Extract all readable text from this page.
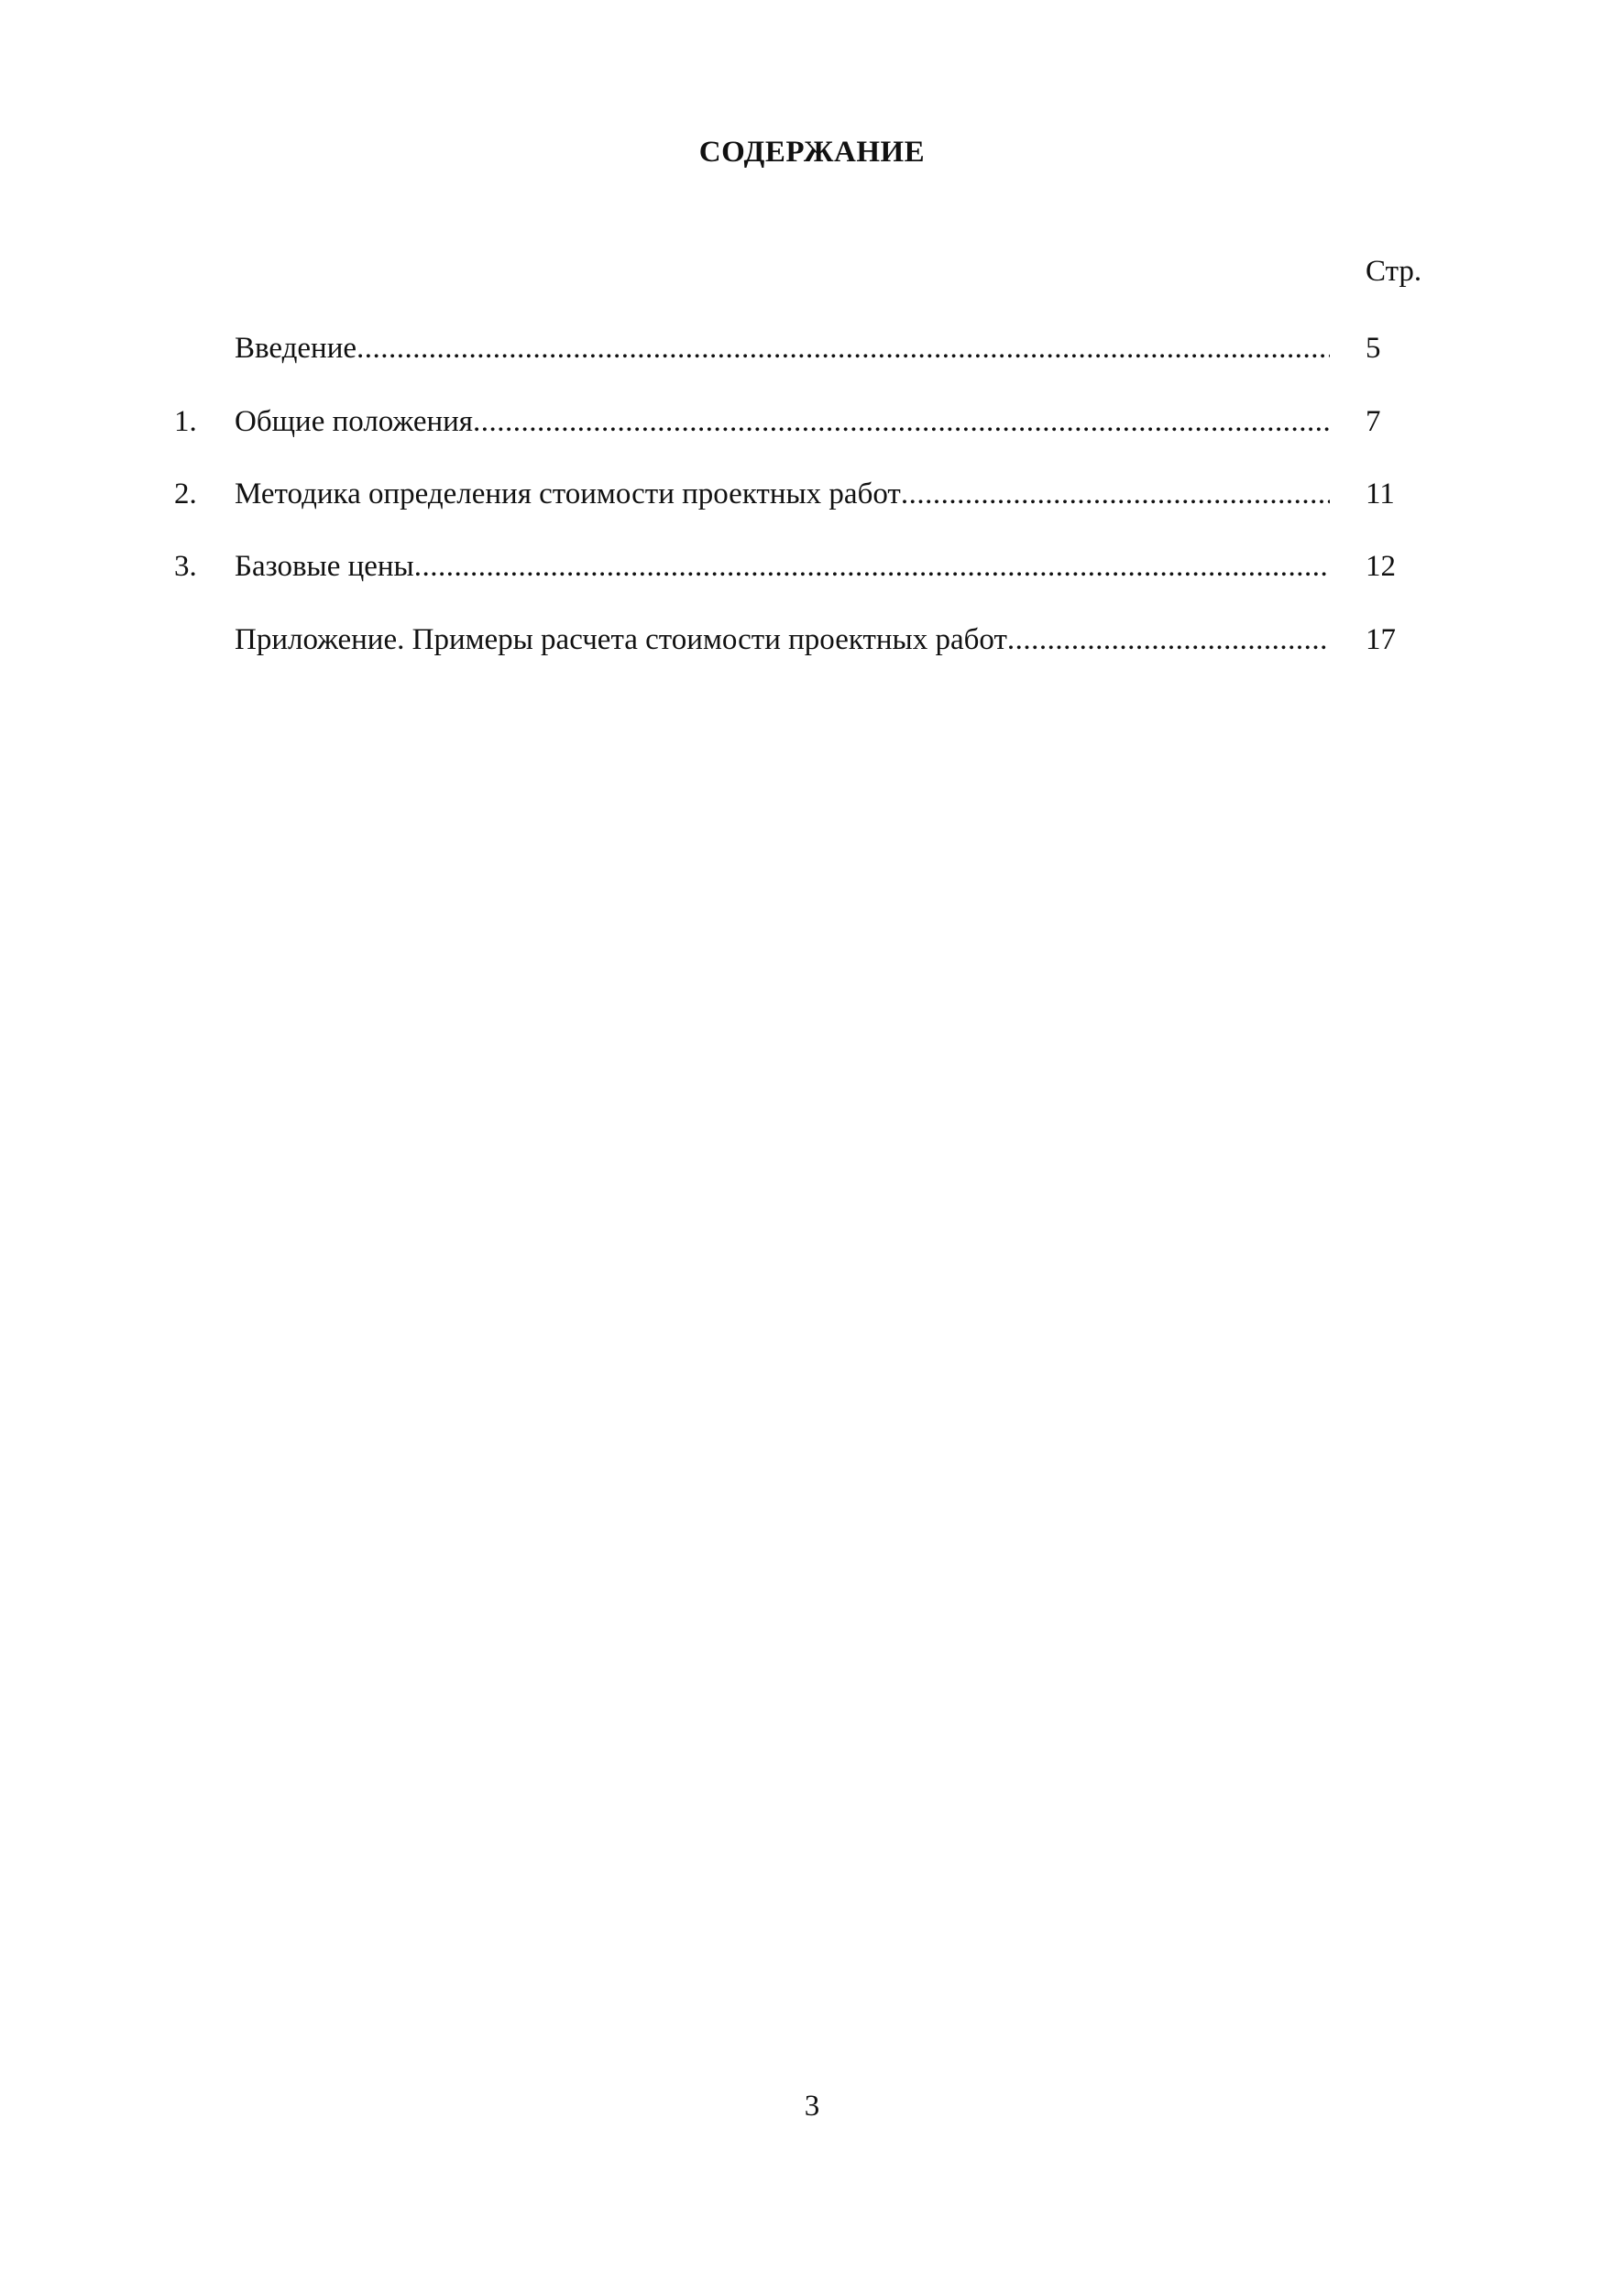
СОДЕРЖАНИЕ
Стр.
Введение .....	5
1. Общие положения .....	7
2. Методика определения стоимости проектных работ .....	11
3. Базовые цены .....	12
Приложение. Примеры расчета стоимости проектных работ .....	17
3
